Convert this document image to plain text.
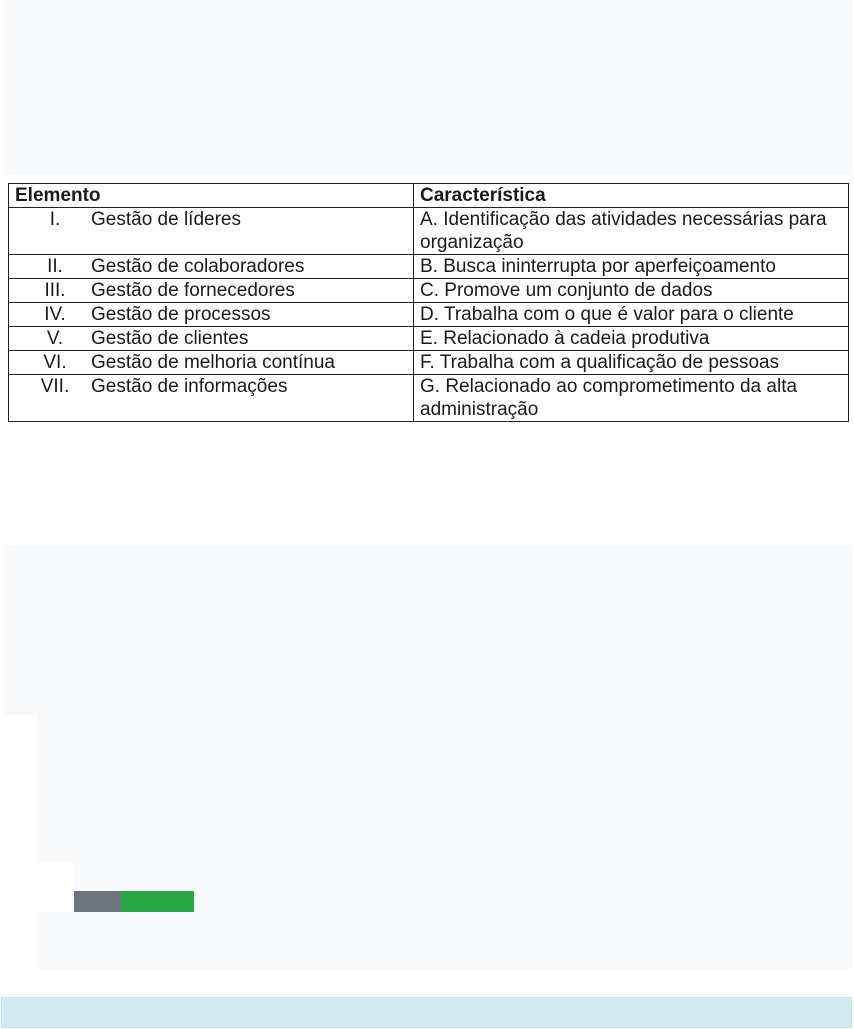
Elemento	Característica
I. Gestão de líderes	A. Identificação das atividades necessárias para organização
II. Gestão de colaboradores	B. Busca ininterrupta por aperfeiçoamento
III. Gestão de fornecedores	C. Promove um conjunto de dados
IV. Gestão de processos	D. Trabalha com o que é valor para o cliente
V. Gestão de clientes	E. Relacionado à cadeia produtiva
VI. Gestão de melhoria contínua	F. Trabalha com a qualificação de pessoas
VII. Gestão de informações	G. Relacionado ao comprometimento da alta administração
